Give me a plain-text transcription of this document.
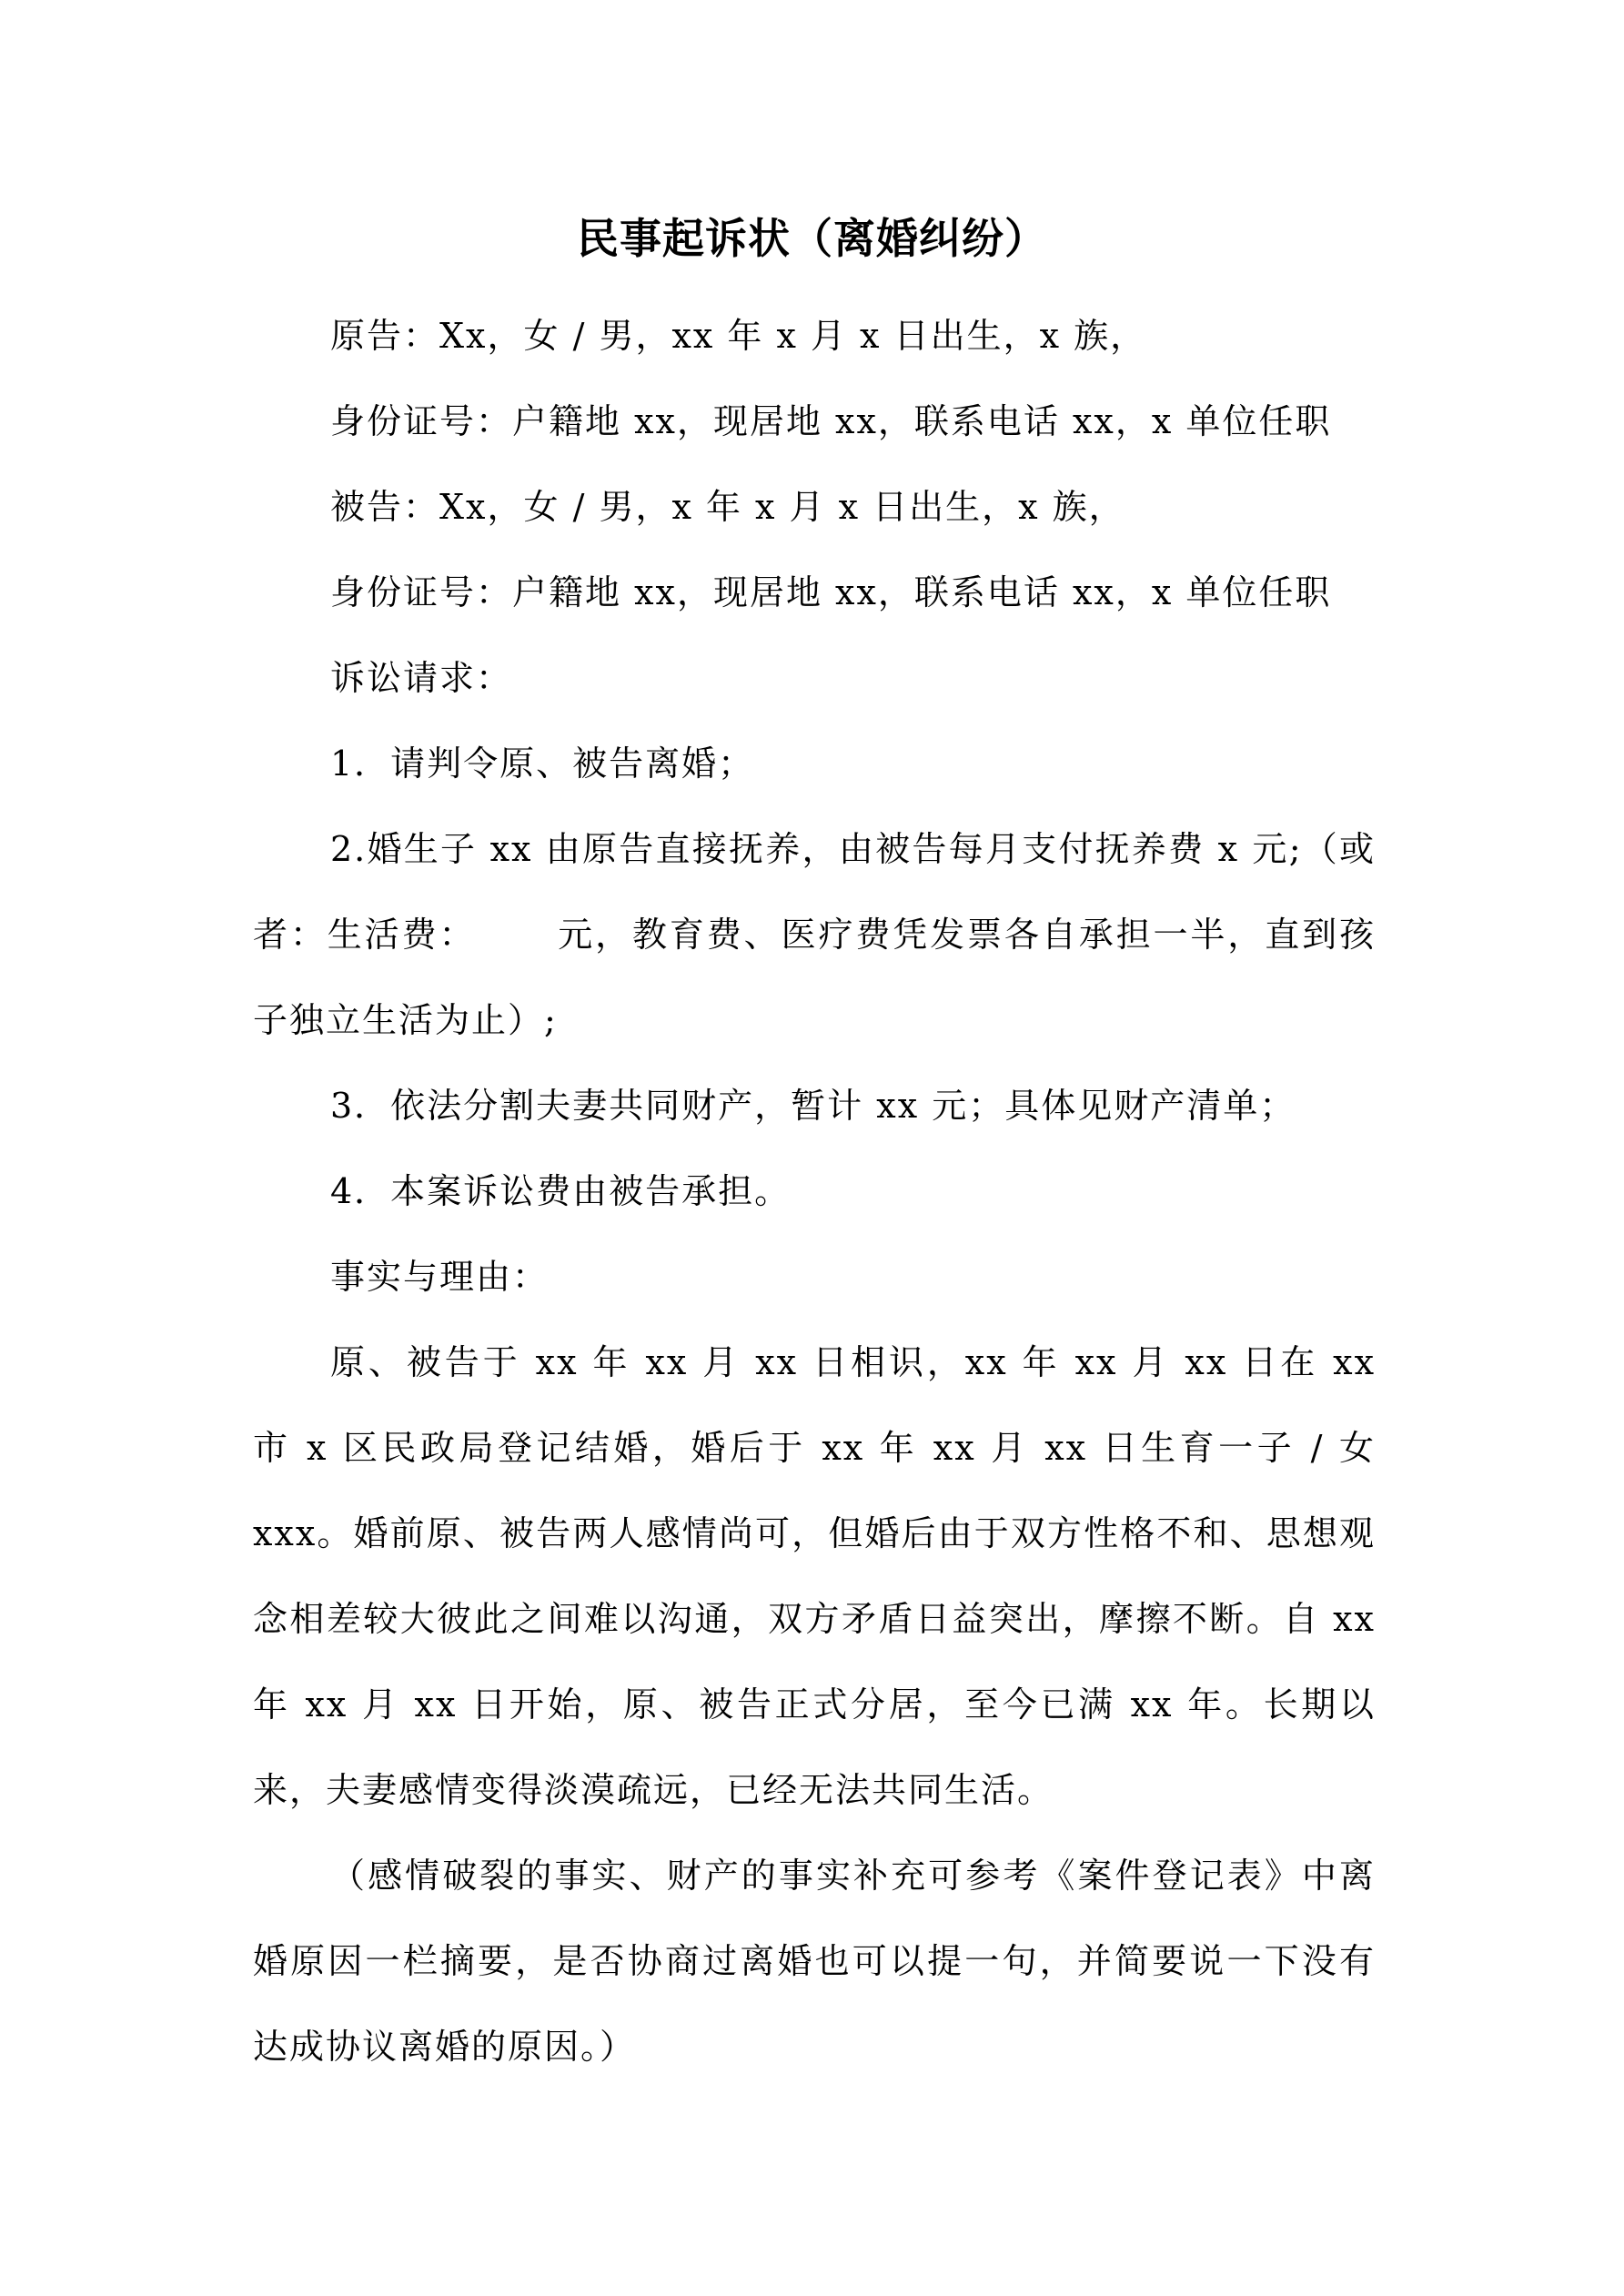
民事起诉状（离婚纠纷）

原告：Xx，女 / 男，xx 年 x 月 x 日出生，x 族，

身份证号：户籍地 xx，现居地 xx，联系电话 xx，x 单位任职

被告：Xx，女 / 男，x 年 x 月 x 日出生，x 族，

身份证号：户籍地 xx，现居地 xx，联系电话 xx，x 单位任职

诉讼请求：

1．请判令原、被告离婚；

2.婚生子 xx 由原告直接抚养，由被告每月支付抚养费 x 元;（或者：生活费：      元，教育费、医疗费凭发票各自承担一半，直到孩子独立生活为止）;

3．依法分割夫妻共同财产，暂计 xx 元；具体见财产清单；

4．本案诉讼费由被告承担。

事实与理由：

原、被告于 xx 年 xx 月 xx 日相识，xx 年 xx 月 xx 日在 xx 市 x 区民政局登记结婚，婚后于 xx 年 xx 月 xx 日生育一子 / 女 xxx。婚前原、被告两人感情尚可，但婚后由于双方性格不和、思想观念相差较大彼此之间难以沟通，双方矛盾日益突出，摩擦不断。自 xx 年 xx 月 xx 日开始，原、被告正式分居，至今已满 xx 年。长期以来，夫妻感情变得淡漠疏远，已经无法共同生活。

（感情破裂的事实、财产的事实补充可参考《案件登记表》中离婚原因一栏摘要，是否协商过离婚也可以提一句，并简要说一下没有达成协议离婚的原因。）
